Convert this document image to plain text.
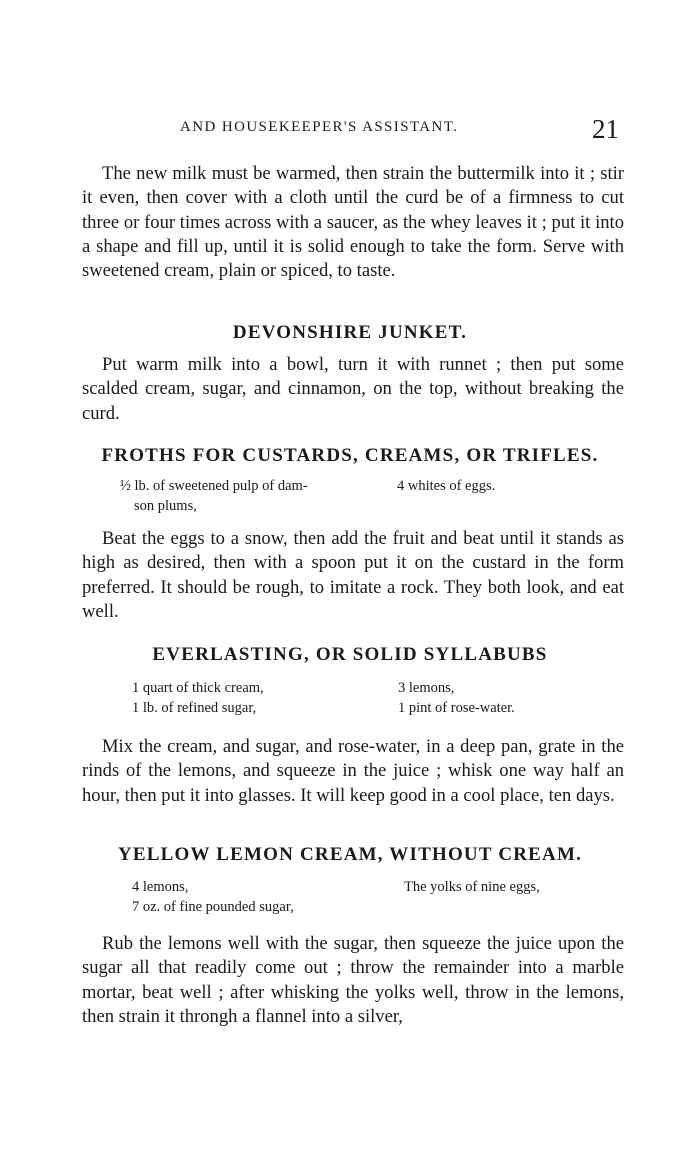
AND HOUSEKEEPER'S ASSISTANT.	21

The new milk must be warmed, then strain the buttermilk into it ; stir it even, then cover with a cloth until the curd be of a firmness to cut three or four times across with a saucer, as the whey leaves it ; put it into a shape and fill up, until it is solid enough to take the form. Serve with sweetened cream, plain or spiced, to taste.

DEVONSHIRE JUNKET.

Put warm milk into a bowl, turn it with runnet ; then put some scalded cream, sugar, and cinnamon, on the top, without breaking the curd.

FROTHS FOR CUSTARDS, CREAMS, OR TRIFLES.
½ lb. of sweetened pulp of dam-
son plums,
4 whites of eggs.

Beat the eggs to a snow, then add the fruit and beat until it stands as high as desired, then with a spoon put it on the custard in the form preferred. It should be rough, to imitate a rock. They both look, and eat well.

EVERLASTING, OR SOLID SYLLABUBS
1 quart of thick cream,
1 lb. of refined sugar,
3 lemons,
1 pint of rose-water.

Mix the cream, and sugar, and rose-water, in a deep pan, grate in the rinds of the lemons, and squeeze in the juice ; whisk one way half an hour, then put it into glasses. It will keep good in a cool place, ten days.

YELLOW LEMON CREAM, WITHOUT CREAM.
4 lemons,
7 oz. of fine pounded sugar,
The yolks of nine eggs,

Rub the lemons well with the sugar, then squeeze the juice upon the sugar all that readily come out ; throw the remainder into a marble mortar, beat well ; after whisking the yolks well, throw in the lemons, then strain it throngh a flannel into a silver,
